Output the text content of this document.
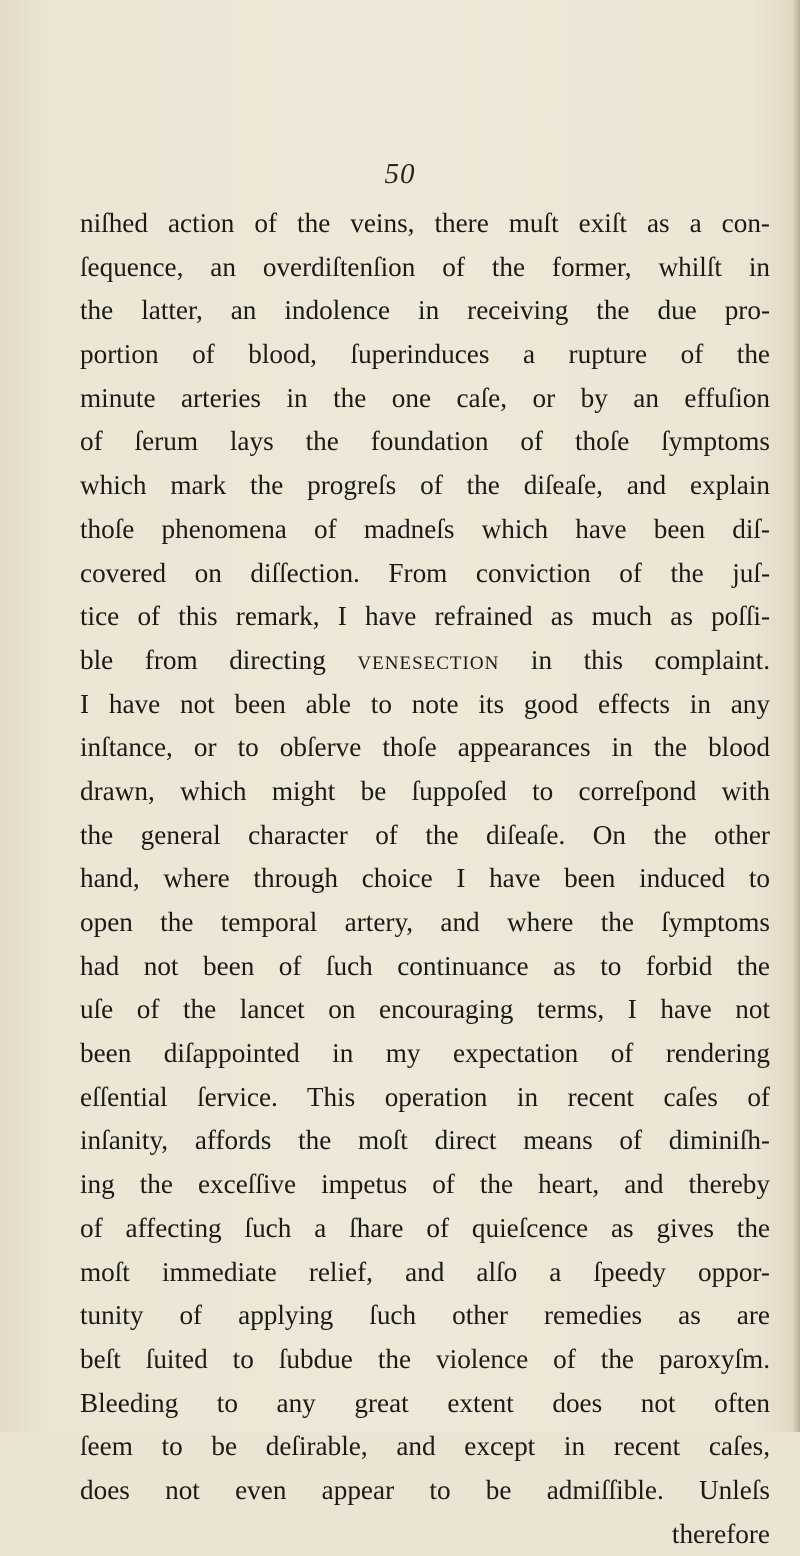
50
niſhed action of the veins, there muſt exiſt as a con-
ſequence, an overdiſtenſion of the former, whilſt in
the latter, an indolence in receiving the due pro-
portion of blood, ſuperinduces a rupture of the
minute arteries in the one caſe, or by an effuſion
of ſerum lays the foundation of thoſe ſymptoms
which mark the progreſs of the diſeaſe, and explain
thoſe phenomena of madneſs which have been diſ-
covered on diſſection. From conviction of the juſ-
tice of this remark, I have refrained as much as poſſi-
ble from directing venesection in this complaint.
I have not been able to note its good effects in any
inſtance, or to obſerve thoſe appearances in the blood
drawn, which might be ſuppoſed to correſpond with
the general character of the diſeaſe. On the other
hand, where through choice I have been induced to
open the temporal artery, and where the ſymptoms
had not been of ſuch continuance as to forbid the
uſe of the lancet on encouraging terms, I have not
been diſappointed in my expectation of rendering
eſſential ſervice. This operation in recent caſes of
inſanity, affords the moſt direct means of diminiſh-
ing the exceſſive impetus of the heart, and thereby
of affecting ſuch a ſhare of quieſcence as gives the
moſt immediate relief, and alſo a ſpeedy oppor-
tunity of applying ſuch other remedies as are
beſt ſuited to ſubdue the violence of the paroxyſm.
Bleeding to any great extent does not often
ſeem to be deſirable, and except in recent caſes,
does not even appear to be admiſſible. Unleſs
therefore
